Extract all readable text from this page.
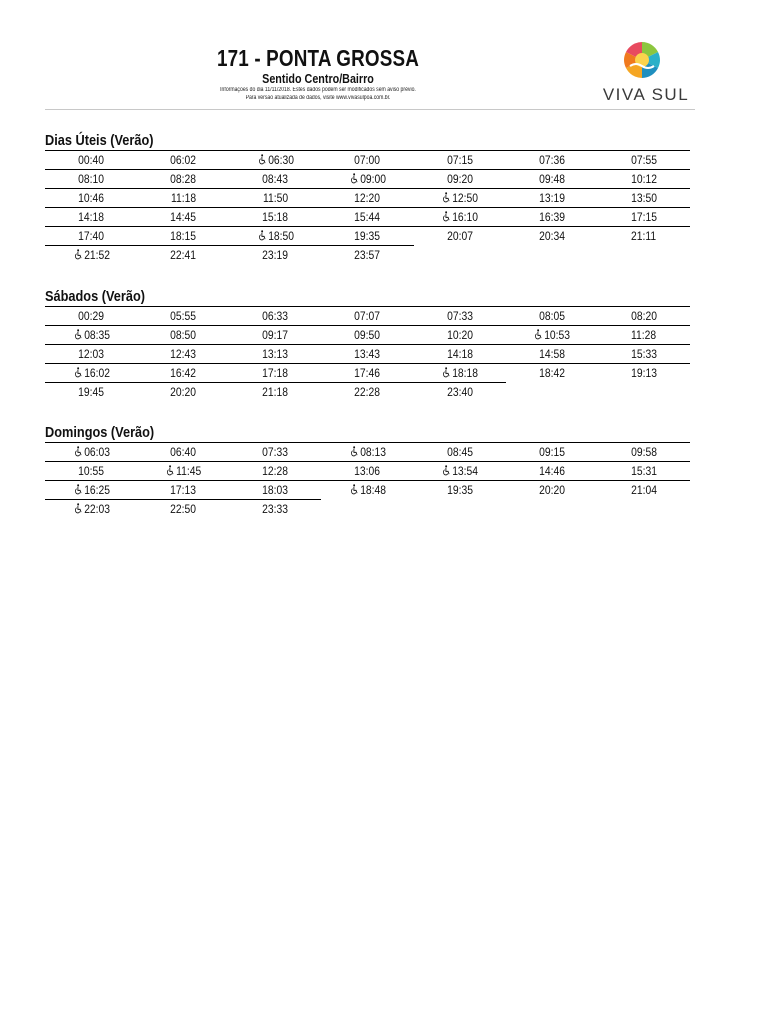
171 - PONTA GROSSA
Sentido Centro/Bairro
Informações do dia 11/11/2018. Estes dados podem ser modificados sem aviso prévio.
Para versão atualizada de dados, visite www.vivasulpoa.com.br.	VIVA SUL
Dias Úteis (Verão)
00:40	06:02	06:30	07:00	07:15	07:36	07:55
08:10	08:28	08:43	09:00	09:20	09:48	10:12
10:46	11:18	11:50	12:20	12:50	13:19	13:50
14:18	14:45	15:18	15:44	16:10	16:39	17:15
17:40	18:15	18:50	19:35	20:07	20:34	21:11
21:52	22:41	23:19	23:57
Sábados (Verão)
00:29	05:55	06:33	07:07	07:33	08:05	08:20
08:35	08:50	09:17	09:50	10:20	10:53	11:28
12:03	12:43	13:13	13:43	14:18	14:58	15:33
16:02	16:42	17:18	17:46	18:18	18:42	19:13
19:45	20:20	21:18	22:28	23:40
Domingos (Verão)
06:03	06:40	07:33	08:13	08:45	09:15	09:58
10:55	11:45	12:28	13:06	13:54	14:46	15:31
16:25	17:13	18:03	18:48	19:35	20:20	21:04
22:03	22:50	23:33
